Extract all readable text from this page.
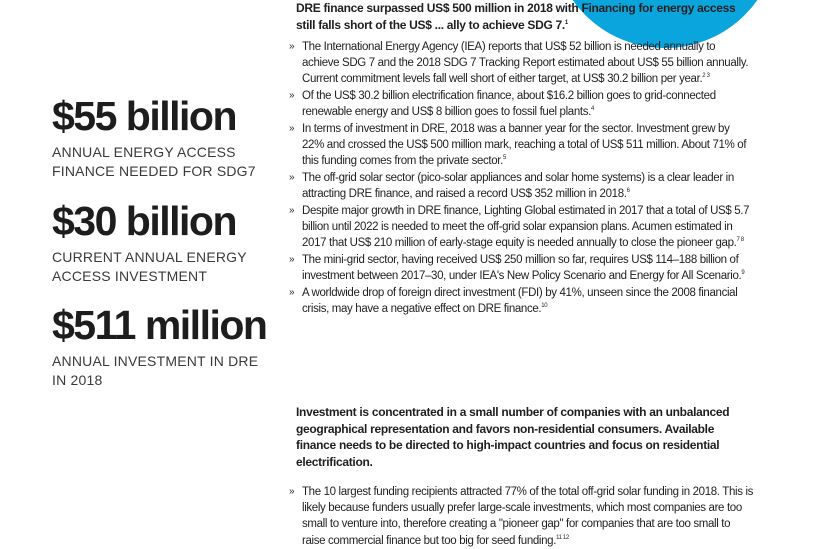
$55 billion
ANNUAL ENERGY ACCESS FINANCE NEEDED FOR SDG7
$30 billion
CURRENT ANNUAL ENERGY ACCESS INVESTMENT
$511 million
ANNUAL INVESTMENT IN DRE IN 2018
DRE finance surpassed US$ 500 million in 2018 with Financing for energy access still falls short of the US$ ... ally to achieve SDG 7.$^1$
» The International Energy Agency (IEA) reports that US$ 52 billion is needed annually to achieve SDG 7 and the 2018 SDG 7 Tracking Report estimated about US$ 55 billion annually. Current commitment levels fall well short of either target, at US$ 30.2 billion per year.$^{2 3}$
» Of the US$ 30.2 billion electrification finance, about $16.2 billion goes to grid-connected renewable energy and US$ 8 billion goes to fossil fuel plants.$^4$
» In terms of investment in DRE, 2018 was a banner year for the sector. Investment grew by 22% and crossed the US$ 500 million mark, reaching a total of US$ 511 million. About 71% of this funding comes from the private sector.$^5$
» The off-grid solar sector (pico-solar appliances and solar home systems) is a clear leader in attracting DRE finance, and raised a record US$ 352 million in 2018.$^6$
» Despite major growth in DRE finance, Lighting Global estimated in 2017 that a total of US$ 5.7 billion until 2022 is needed to meet the off-grid solar expansion plans. Acumen estimated in 2017 that US$ 210 million of early-stage equity is needed annually to close the pioneer gap.$^{7 8}$
» The mini-grid sector, having received US$ 250 million so far, requires US$ 114–188 billion of investment between 2017–30, under IEA's New Policy Scenario and Energy for All Scenario.$^9$
» A worldwide drop of foreign direct investment (FDI) by 41%, unseen since the 2008 financial crisis, may have a negative effect on DRE finance.$^{10}$
Investment is concentrated in a small number of companies with an unbalanced geographical representation and favors non-residential consumers. Available finance needs to be directed to high-impact countries and focus on residential electrification.
» The 10 largest funding recipients attracted 77% of the total off-grid solar funding in 2018. This is likely because funders usually prefer large-scale investments, which most companies are too small to venture into, therefore creating a "pioneer gap" for companies that are too small to raise commercial finance but too big for seed funding.$^{11 12}$
